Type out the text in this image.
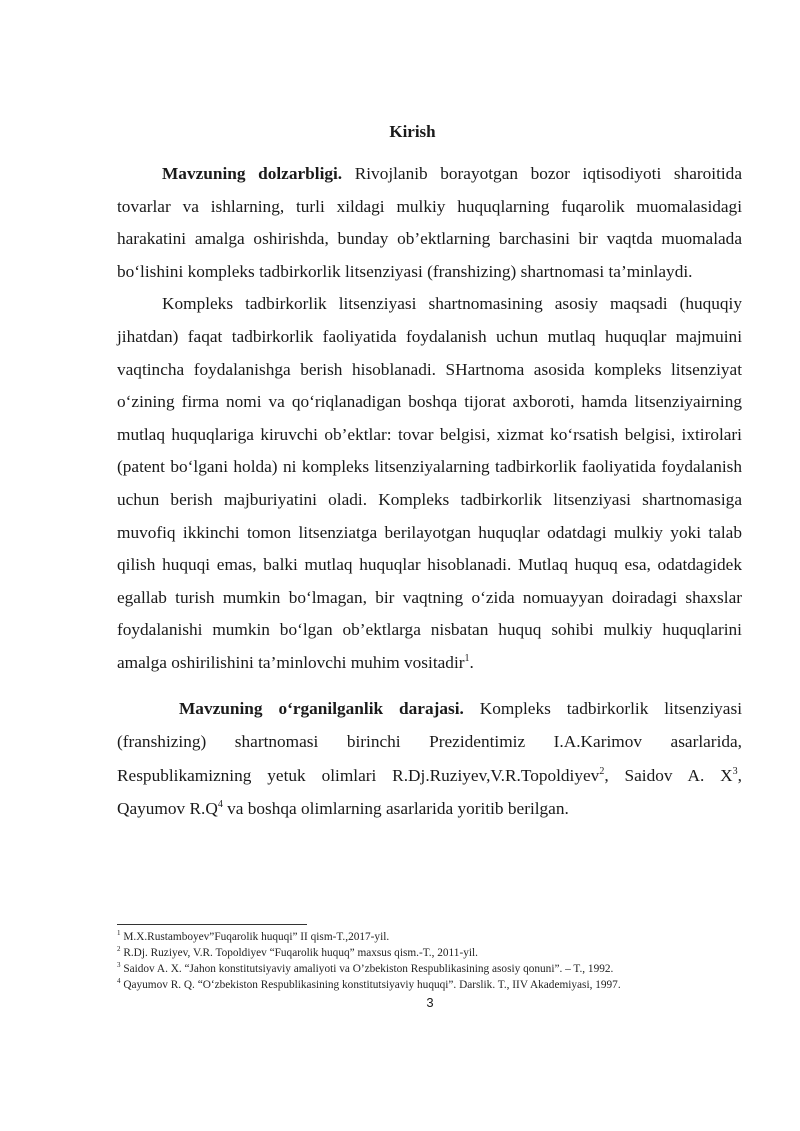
Kirish

Mavzuning dolzarbligi. Rivojlanib borayotgan bozor iqtisodiyoti sharoitida tovarlar va ishlarning, turli xildagi mulkiy huquqlarning fuqarolik muomalasidagi harakatini amalga oshirishda, bunday ob’ektlarning barchasini bir vaqtda muomalada bo‘lishini kompleks tadbirkorlik litsenziyasi (franshizing) shartnomasi ta’minlaydi.

Kompleks tadbirkorlik litsenziyasi shartnomasining asosiy maqsadi (huquqiy jihatdan) faqat tadbirkorlik faoliyatida foydalanish uchun mutlaq huquqlar majmuini vaqtincha foydalanishga berish hisoblanadi. SHartnoma asosida kompleks litsenziyat o‘zining firma nomi va qo‘riqlanadigan boshqa tijorat axboroti, hamda litsenziyairning mutlaq huquqlariga kiruvchi ob’ektlar: tovar belgisi, xizmat ko‘rsatish belgisi, ixtirolari (patent bo‘lgani holda) ni kompleks litsenziyalarning tadbirkorlik faoliyatida foydalanish uchun berish majburiyatini oladi. Kompleks tadbirkorlik litsenziyasi shartnomasiga muvofiq ikkinchi tomon litsenziatga berilayotgan huquqlar odatdagi mulkiy yoki talab qilish huquqi emas, balki mutlaq huquqlar hisoblanadi. Mutlaq huquq esa, odatdagidek egallab turish mumkin bo‘lmagan, bir vaqtning o‘zida nomuayyan doiradagi shaxslar foydalanishi mumkin bo‘lgan ob’ektlarga nisbatan huquq sohibi mulkiy huquqlarini amalga oshirilishini ta’minlovchi muhim vositadir$^1$.

Mavzuning o‘rganilganlik darajasi. Kompleks tadbirkorlik litsenziyasi (franshizing) shartnomasi birinchi Prezidentimiz I.A.Karimov asarlarida, Respublikamizning yetuk olimlari R.Dj.Ruziyev,V.R.Topoldiyev$^2$, Saidov A. $X^3$, Qayumov $R.Q^4$ va boshqa olimlarning asarlarida yoritib berilgan.

$^1$ M.X.Rustamboyev”Fuqarolik huquqi” II qism-T.,2017-yil.
$^2$ R.Dj. Ruziyev, V.R. Topoldiyev “Fuqarolik huquq” maxsus qism.-T., 2011-yil.
$^3$ Saidov A. X. “Jahon konstitutsiyaviy amaliyoti va O’zbekiston Respublikasining asosiy qonuni”. – T., 1992.
$^4$ Qayumov R. Q. “O‘zbekiston Respublikasining konstitutsiyaviy huquqi”. Darslik. T., IIV Akademiyasi, 1997.
3
